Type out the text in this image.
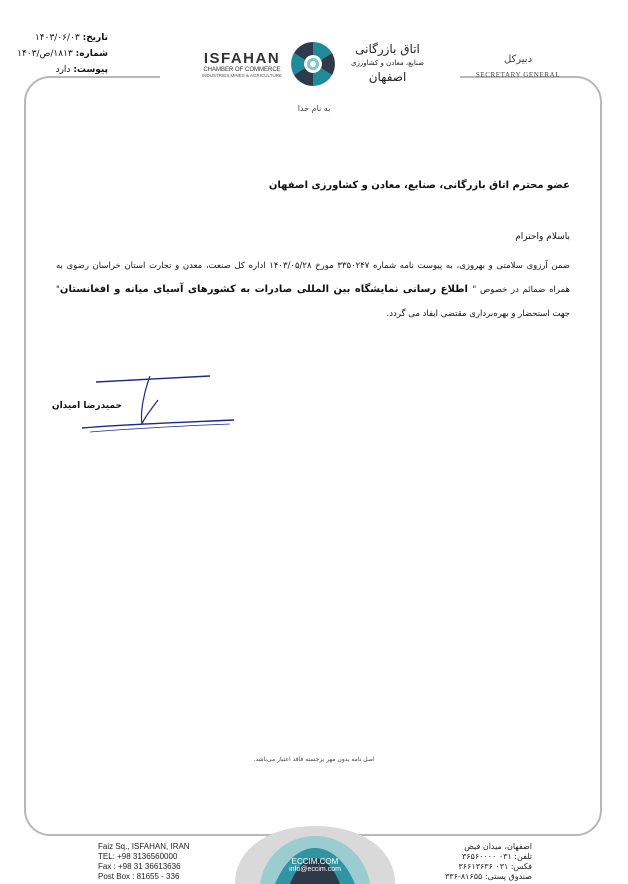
تاریخ: ۱۴۰۳/۰۶/۰۳
شماره: ۱۸۱۳/ص/۱۴۰۳
پیوست: دارد
ISFAHAN
CHAMBER OF COMMERCE
INDUSTRIES,MINES & AGRICULTURE
اتاق بازرگانی
صنایع، معادن و کشاورزی
اصفهان
دبیرکل
SECRETARY GENERAL
به نام خدا
عضو محترم اتاق بازرگانی، صنایع، معادن و کشاورزی اصفهان
باسلام واحترام
ضمن آرزوی سلامتی و بهروزی، به پیوست نامه شماره ۳۳۵۰۲۴۷ مورخ ۱۴۰۳/۰۵/۲۸ اداره کل صنعت، معدن و تجارت استان خراسان رضوی به همراه ضمائم در خصوص " اطلاع رسانی نمایشگاه بین المللی صادرات به کشورهای آسیای میانه و افغانستان" جهت استحضار و بهره‌برداری مقتضی ایفاد می گردد.
حمیدرضا امیدان
اصل نامه بدون مهر برجسته فاقد اعتبار می‌باشد.
ECCIM.COM
info@eccim.com
Faiz Sq., ISFAHAN, IRAN
TEL: +98 3136560000
Fax : +98 31 36613636
Post Box : 81655 - 336
اصفهان، میدان فیض
تلفن: ۰۳۱ ۳۶۵۶۰۰۰۰
فکس: ۰۳۱ ۳۶۶۱۳۶۳۶
صندوق پستی: ۸۱۶۵۵-۳۳۶
